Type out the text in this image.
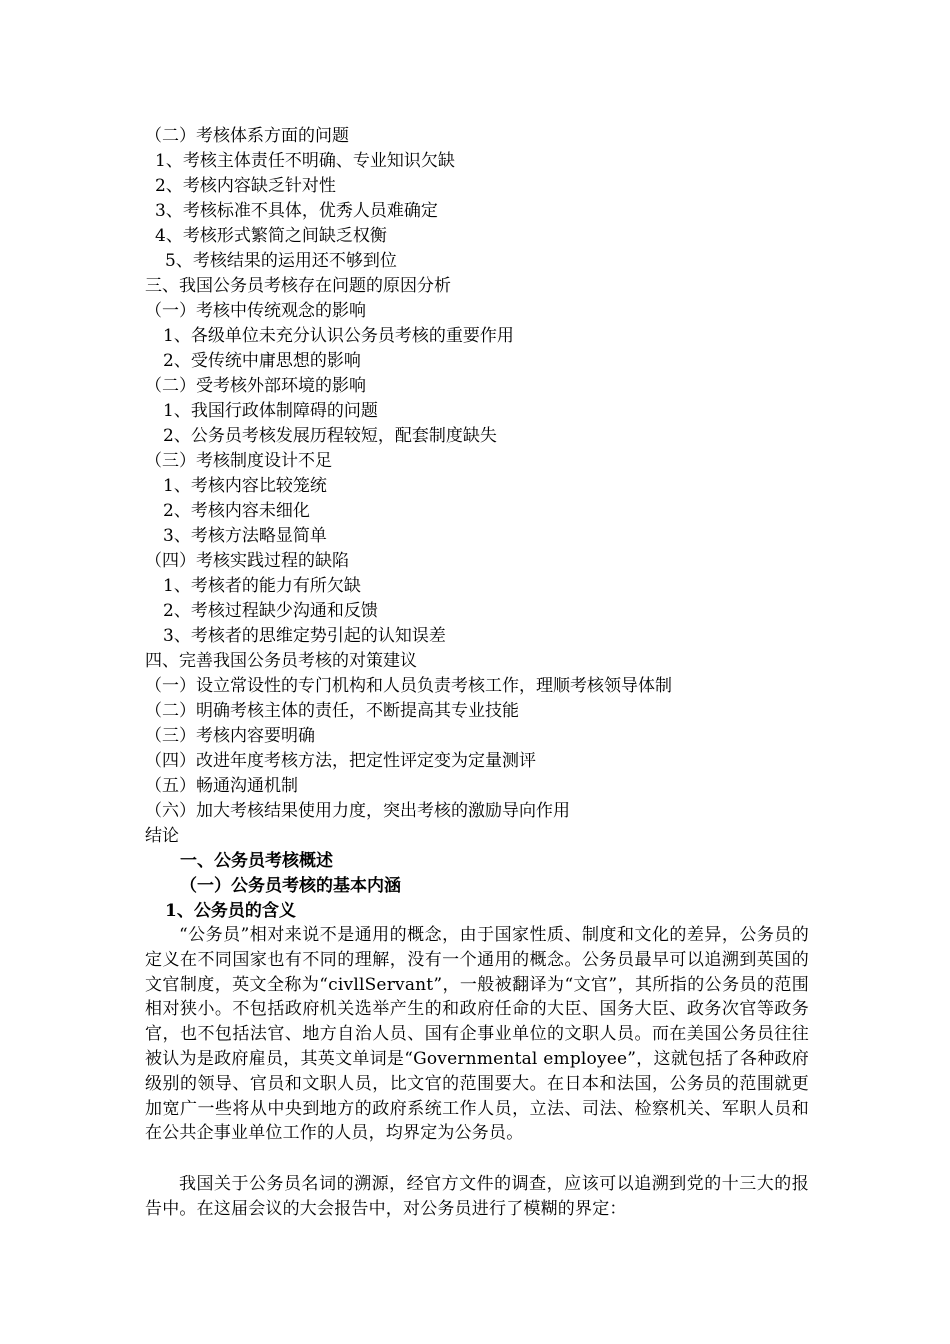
（二）考核体系方面的问题

1、考核主体责任不明确、专业知识欠缺

2、考核内容缺乏针对性

3、考核标准不具体，优秀人员难确定

4、考核形式繁简之间缺乏权衡

5、考核结果的运用还不够到位

三、我国公务员考核存在问题的原因分析

（一）考核中传统观念的影响

1、各级单位未充分认识公务员考核的重要作用

2、受传统中庸思想的影响

（二）受考核外部环境的影响

1、我国行政体制障碍的问题

2、公务员考核发展历程较短，配套制度缺失

（三）考核制度设计不足

1、考核内容比较笼统

2、考核内容未细化

3、考核方法略显简单

（四）考核实践过程的缺陷

1、考核者的能力有所欠缺

2、考核过程缺少沟通和反馈

3、考核者的思维定势引起的认知误差

四、完善我国公务员考核的对策建议

（一）设立常设性的专门机构和人员负责考核工作，理顺考核领导体制

（二）明确考核主体的责任，不断提高其专业技能

（三）考核内容要明确

（四）改进年度考核方法，把定性评定变为定量测评

（五）畅通沟通机制

（六）加大考核结果使用力度，突出考核的激励导向作用

结论

一、公务员考核概述

（一）公务员考核的基本内涵

1、公务员的含义

“公务员”相对来说不是通用的概念，由于国家性质、制度和文化的差异，公务员的定义在不同国家也有不同的理解，没有一个通用的概念。公务员最早可以追溯到英国的文官制度，英文全称为“civllServant”，一般被翻译为“文官”，其所指的公务员的范围相对狭小。不包括政府机关选举产生的和政府任命的大臣、国务大臣、政务次官等政务官，也不包括法官、地方自治人员、国有企事业单位的文职人员。而在美国公务员往往被认为是政府雇员，其英文单词是“Governmental employee”，这就包括了各种政府级别的领导、官员和文职人员，比文官的范围要大。在日本和法国，公务员的范围就更加宽广一些将从中央到地方的政府系统工作人员，立法、司法、检察机关、军职人员和在公共企事业单位工作的人员，均界定为公务员。

我国关于公务员名词的溯源，经官方文件的调查，应该可以追溯到党的十三大的报告中。在这届会议的大会报告中，对公务员进行了模糊的界定：
